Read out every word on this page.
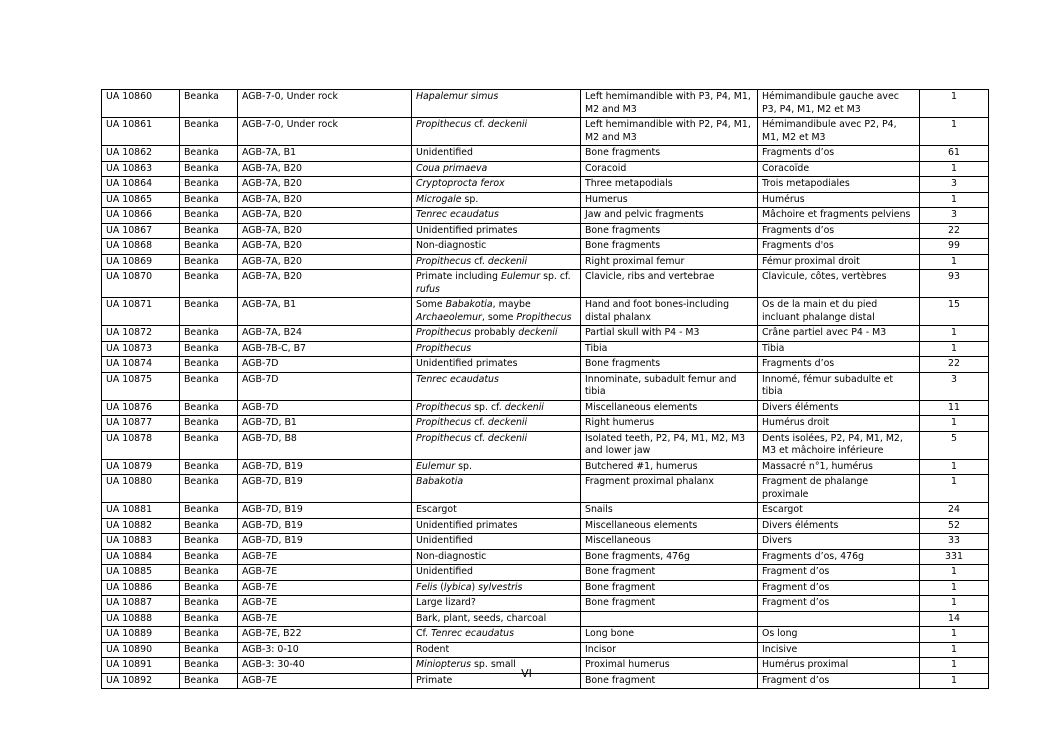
UA 10860	Beanka	AGB-7-0, Under rock	Hapalemur simus	Left hemimandible with P3, P4, M1, M2 and M3	Hémimandibule gauche avec P3, P4, M1, M2 et M3	1
UA 10861	Beanka	AGB-7-0, Under rock	Propithecus cf. deckenii	Left hemimandible with P2, P4, M1, M2 and M3	Hémimandibule avec P2, P4, M1, M2 et M3	1
UA 10862	Beanka	AGB-7A, B1	Unidentified	Bone fragments	Fragments d’os	61
UA 10863	Beanka	AGB-7A, B20	Coua primaeva	Coracoid	Coracoïde	1
UA 10864	Beanka	AGB-7A, B20	Cryptoprocta ferox	Three metapodials	Trois metapodiales	3
UA 10865	Beanka	AGB-7A, B20	Microgale sp.	Humerus	Humérus	1
UA 10866	Beanka	AGB-7A, B20	Tenrec ecaudatus	Jaw and pelvic fragments	Mâchoire et fragments pelviens	3
UA 10867	Beanka	AGB-7A, B20	Unidentified primates	Bone fragments	Fragments d’os	22
UA 10868	Beanka	AGB-7A, B20	Non-diagnostic	Bone fragments	Fragments d'os	99
UA 10869	Beanka	AGB-7A, B20	Propithecus cf. deckenii	Right proximal femur	Fémur proximal droit	1
UA 10870	Beanka	AGB-7A, B20	Primate including Eulemur sp. cf. rufus	Clavicle, ribs and vertebrae	Clavicule, côtes, vertèbres	93
UA 10871	Beanka	AGB-7A, B1	Some Babakotia, maybe Archaeolemur, some Propithecus	Hand and foot bones-including distal phalanx	Os de la main et du pied incluant phalange distal	15
UA 10872	Beanka	AGB-7A, B24	Propithecus probably deckenii	Partial skull with P4 - M3	Crâne partiel avec P4 - M3	1
UA 10873	Beanka	AGB-7B-C, B7	Propithecus	Tibia	Tibia	1
UA 10874	Beanka	AGB-7D	Unidentified primates	Bone fragments	Fragments d’os	22
UA 10875	Beanka	AGB-7D	Tenrec ecaudatus	Innominate, subadult femur and tibia	Innomé, fémur subadulte et tibia	3
UA 10876	Beanka	AGB-7D	Propithecus sp. cf. deckenii	Miscellaneous elements	Divers éléments	11
UA 10877	Beanka	AGB-7D, B1	Propithecus cf. deckenii	Right humerus	Humérus droit	1
UA 10878	Beanka	AGB-7D, B8	Propithecus cf. deckenii	Isolated teeth, P2, P4, M1, M2, M3 and lower jaw	Dents isolées, P2, P4, M1, M2, M3 et mâchoire inférieure	5
UA 10879	Beanka	AGB-7D, B19	Eulemur sp.	Butchered #1, humerus	Massacré n°1, humérus	1
UA 10880	Beanka	AGB-7D, B19	Babakotia	Fragment proximal phalanx	Fragment de phalange proximale	1
UA 10881	Beanka	AGB-7D, B19	Escargot	Snails	Escargot	24
UA 10882	Beanka	AGB-7D, B19	Unidentified primates	Miscellaneous elements	Divers éléments	52
UA 10883	Beanka	AGB-7D, B19	Unidentified	Miscellaneous	Divers	33
UA 10884	Beanka	AGB-7E	Non-diagnostic	Bone fragments, 476g	Fragments d’os, 476g	331
UA 10885	Beanka	AGB-7E	Unidentified	Bone fragment	Fragment d’os	1
UA 10886	Beanka	AGB-7E	Felis (lybica) sylvestris	Bone fragment	Fragment d’os	1
UA 10887	Beanka	AGB-7E	Large lizard?	Bone fragment	Fragment d’os	1
UA 10888	Beanka	AGB-7E	Bark, plant, seeds, charcoal			14
UA 10889	Beanka	AGB-7E, B22	Cf. Tenrec ecaudatus	Long bone	Os long	1
UA 10890	Beanka	AGB-3: 0-10	Rodent	Incisor	Incisive	1
UA 10891	Beanka	AGB-3: 30-40	Miniopterus sp. small	Proximal humerus	Humérus proximal	1
UA 10892	Beanka	AGB-7E	Primate	Bone fragment	Fragment d’os	1
VI
